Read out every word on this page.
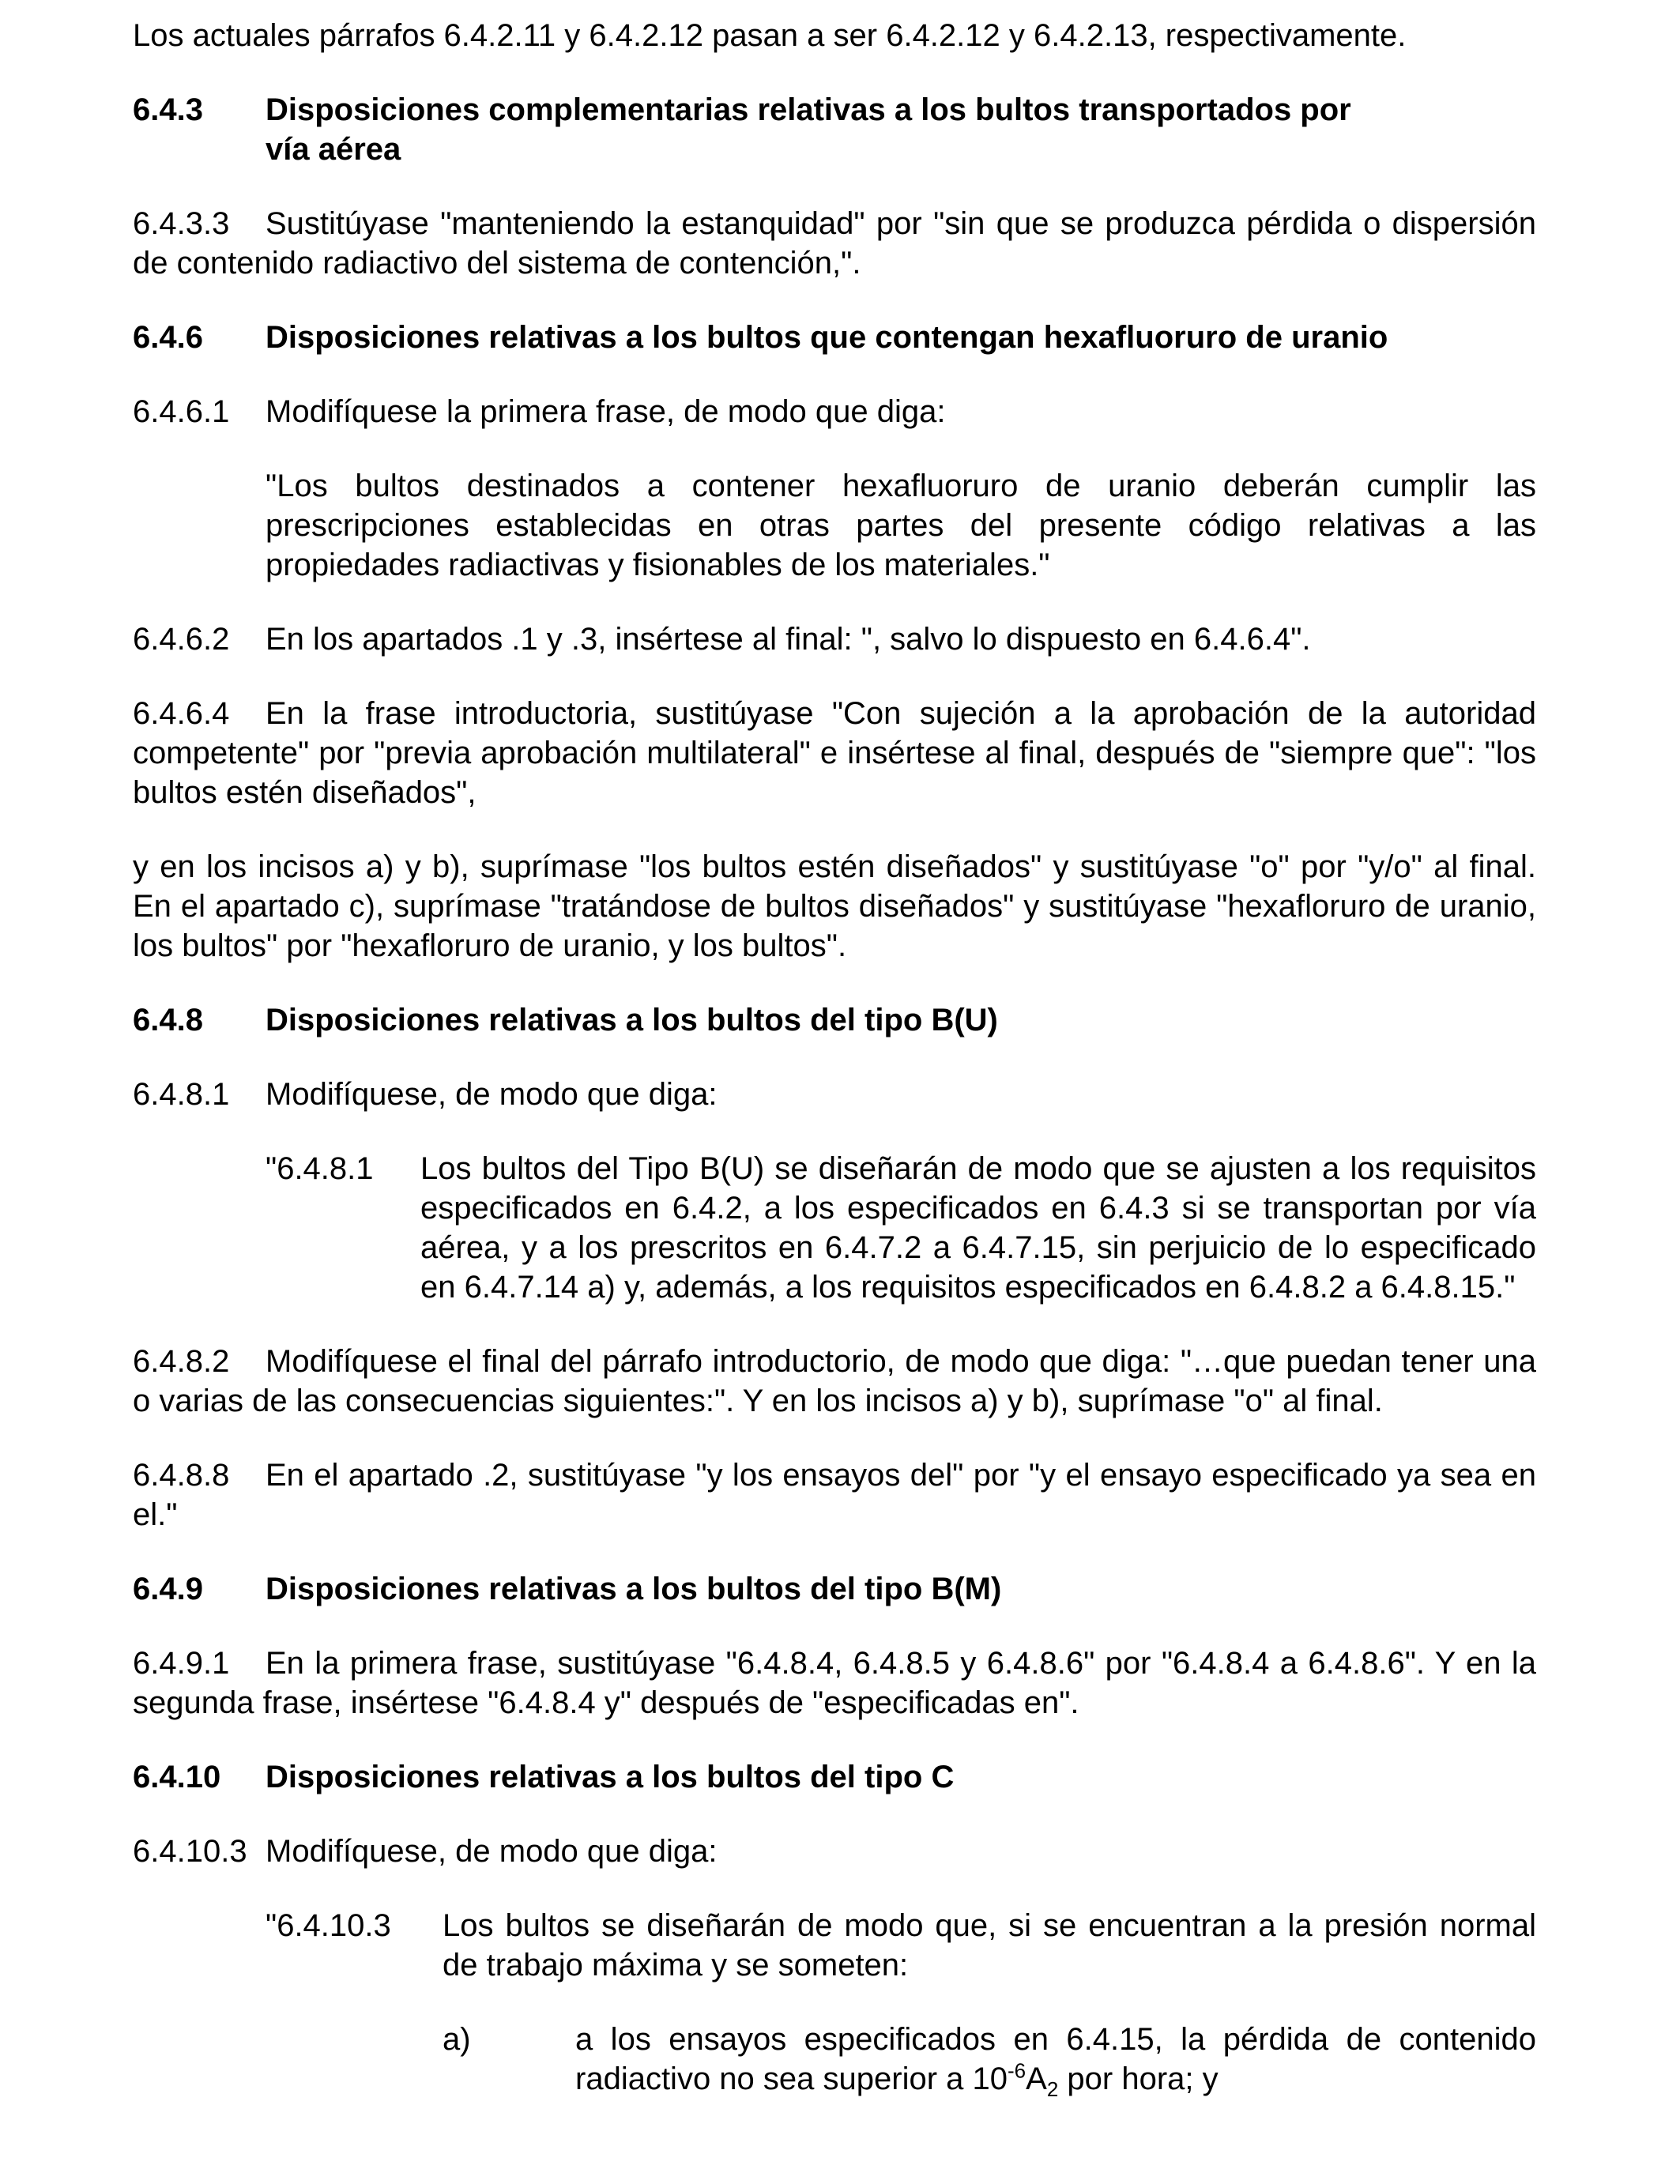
Los actuales párrafos 6.4.2.11 y 6.4.2.12 pasan a ser 6.4.2.12 y 6.4.2.13, respectivamente.

6.4.3	Disposiciones complementarias relativas a los bultos transportados por vía aérea

6.4.3.3 Sustitúyase "manteniendo la estanquidad" por "sin que se produzca pérdida o dispersión de contenido radiactivo del sistema de contención,".

6.4.6	Disposiciones relativas a los bultos que contengan hexafluoruro de uranio
6.4.6.1	Modifíquese la primera frase, de modo que diga:

"Los bultos destinados a contener hexafluoruro de uranio deberán cumplir las prescripciones establecidas en otras partes del presente código relativas a las propiedades radiactivas y fisionables de los materiales."

6.4.6.2	En los apartados .1 y .3, insértese al final: ", salvo lo dispuesto en 6.4.6.4".

6.4.6.4 En la frase introductoria, sustitúyase "Con sujeción a la aprobación de la autoridad competente" por "previa aprobación multilateral" e insértese al final, después de "siempre que": "los bultos estén diseñados",

y en los incisos a) y b), suprímase "los bultos estén diseñados" y sustitúyase "o" por "y/o" al final. En el apartado c), suprímase "tratándose de bultos diseñados" y sustitúyase "hexafloruro de uranio, los bultos" por "hexafloruro de uranio, y los bultos".

6.4.8	Disposiciones relativas a los bultos del tipo B(U)
6.4.8.1	Modifíquese, de modo que diga:
"6.4.8.1	Los bultos del Tipo B(U) se diseñarán de modo que se ajusten a los requisitos especificados en 6.4.2, a los especificados en 6.4.3 si se transportan por vía aérea, y a los prescritos en 6.4.7.2 a 6.4.7.15, sin perjuicio de lo especificado en 6.4.7.14 a) y, además, a los requisitos especificados en 6.4.8.2 a 6.4.8.15."

6.4.8.2 Modifíquese el final del párrafo introductorio, de modo que diga: "…que puedan tener una o varias de las consecuencias siguientes:". Y en los incisos a) y b), suprímase "o" al final.

6.4.8.8 En el apartado .2, sustitúyase "y los ensayos del" por "y el ensayo especificado ya sea en el."

6.4.9	Disposiciones relativas a los bultos del tipo B(M)

6.4.9.1 En la primera frase, sustitúyase "6.4.8.4, 6.4.8.5 y 6.4.8.6" por "6.4.8.4 a 6.4.8.6". Y en la segunda frase, insértese "6.4.8.4 y" después de "especificadas en".

6.4.10	Disposiciones relativas a los bultos del tipo C
6.4.10.3 Modifíquese, de modo que diga:
"6.4.10.3	Los bultos se diseñarán de modo que, si se encuentran a la presión normal de trabajo máxima y se someten:
a)	a los ensayos especificados en 6.4.15, la pérdida de contenido radiactivo no sea superior a $10^{-6}A_2$ por hora; y
